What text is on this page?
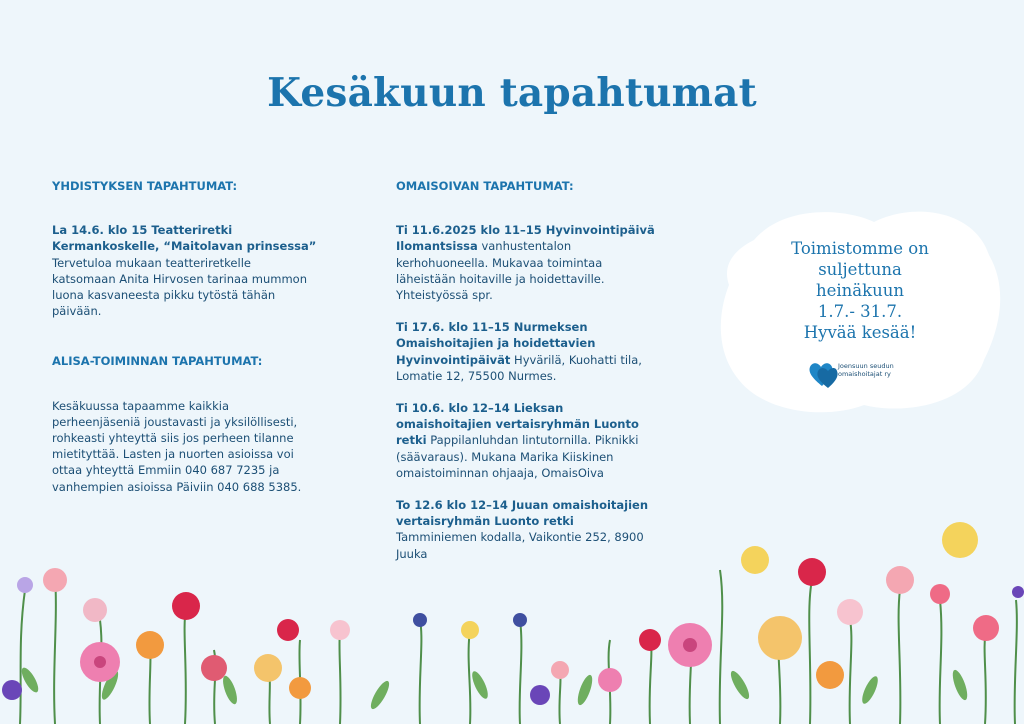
Kesäkuun tapahtumat
YHDISTYKSEN TAPAHTUMAT:
La 14.6. klo 15 Teatteriretki Kermankoskelle, “Maitolavan prinsessa”
Tervetuloa mukaan teatteriretkelle katsomaan Anita Hirvosen tarinaa mummon luona kasvaneesta pikku tytöstä tähän päivään.
ALISA-TOIMINNAN TAPAHTUMAT:
Kesäkuussa tapaamme kaikkia perheenjäseniä joustavasti ja yksilöllisesti, rohkeasti yhteyttä siis jos perheen tilanne mietityttää. Lasten ja nuorten asioissa voi ottaa yhteyttä Emmiin 040 687 7235 ja vanhempien asioissa Päiviin 040 688 5385.
OMAISOIVAN TAPAHTUMAT:
Ti 11.6.2025 klo 11–15 Hyvinvointipäivä Ilomantsissa vanhustentalon kerhohuoneella. Mukavaa toimintaa läheistään hoitaville ja hoidettaville. Yhteistyössä spr.
Ti 17.6. klo 11–15 Nurmeksen Omaishoitajien ja hoidettavien Hyvinvointipäivät Hyvärilä, Kuohatti tila, Lomatie 12, 75500 Nurmes.
Ti 10.6. klo 12–14 Lieksan omaishoitajien vertaisryhmän Luonto retki Pappilanluhdan lintutornilla. Piknikki (säävaraus). Mukana Marika Kiiskinen omaistoiminnan ohjaaja, OmaisOiva
To 12.6 klo 12–14 Juuan omaishoitajien vertaisryhmän Luonto retki Tamminiemen kodalla, Vaikontie 252, 8900 Juuka
Toimistomme on
suljettuna
heinäkuun
1.7.- 31.7.
Hyvää kesää!
Joensuun seudun
omaishoitajat ry
